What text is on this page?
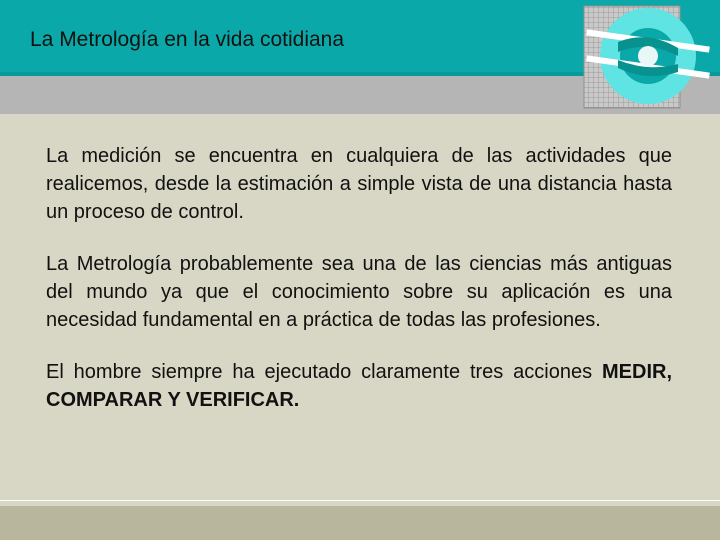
La Metrología en la vida cotidiana

La medición se encuentra en cualquiera de las actividades que realicemos, desde la estimación a simple vista de una distancia hasta un proceso de control.

La Metrología probablemente sea una de las ciencias más antiguas del mundo ya que el conocimiento sobre su aplicación es una necesidad fundamental en a práctica de todas las profesiones.

El hombre siempre ha ejecutado claramente tres acciones MEDIR, COMPARAR Y VERIFICAR.
